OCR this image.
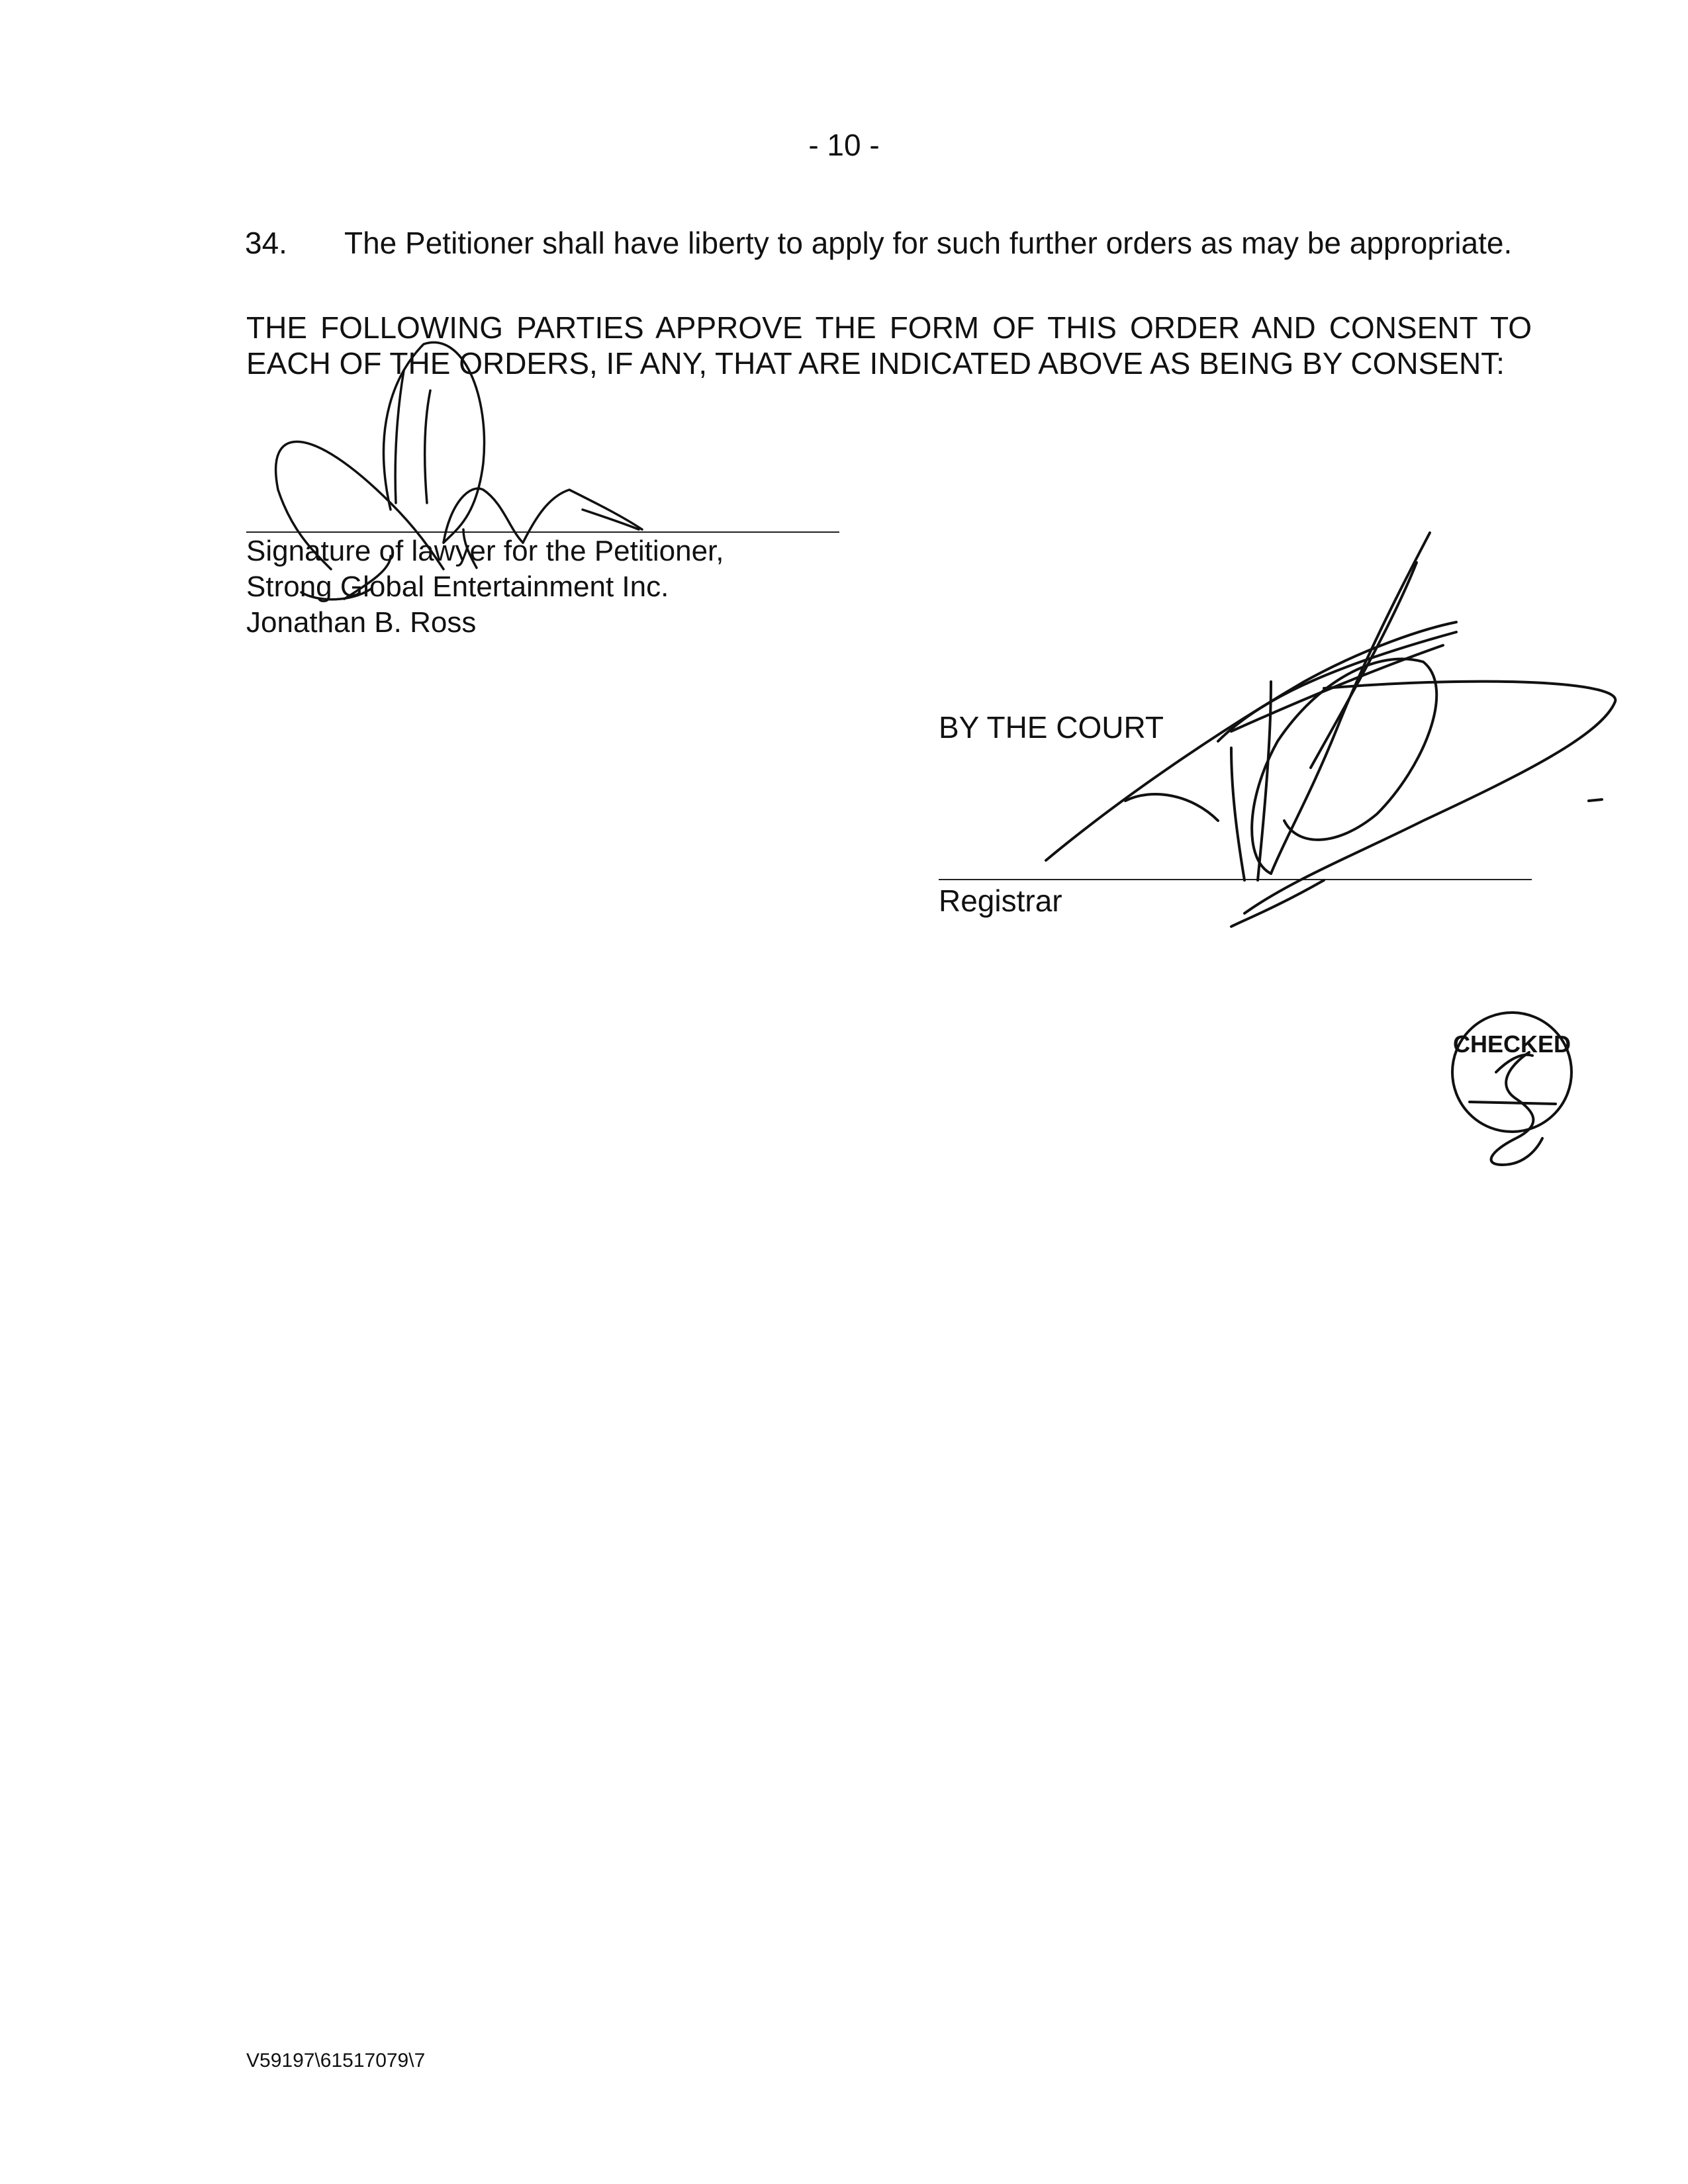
- 10 -
34. The Petitioner shall have liberty to apply for such further orders as may be appropriate.
THE FOLLOWING PARTIES APPROVE THE FORM OF THIS ORDER AND CONSENT TO
EACH OF THE ORDERS, IF ANY, THAT ARE INDICATED ABOVE AS BEING BY CONSENT:
Signature of lawyer for the Petitioner,
Strong Global Entertainment Inc.
Jonathan B. Ross
BY THE COURT
Registrar
V59197\61517079\7
CHECKED
